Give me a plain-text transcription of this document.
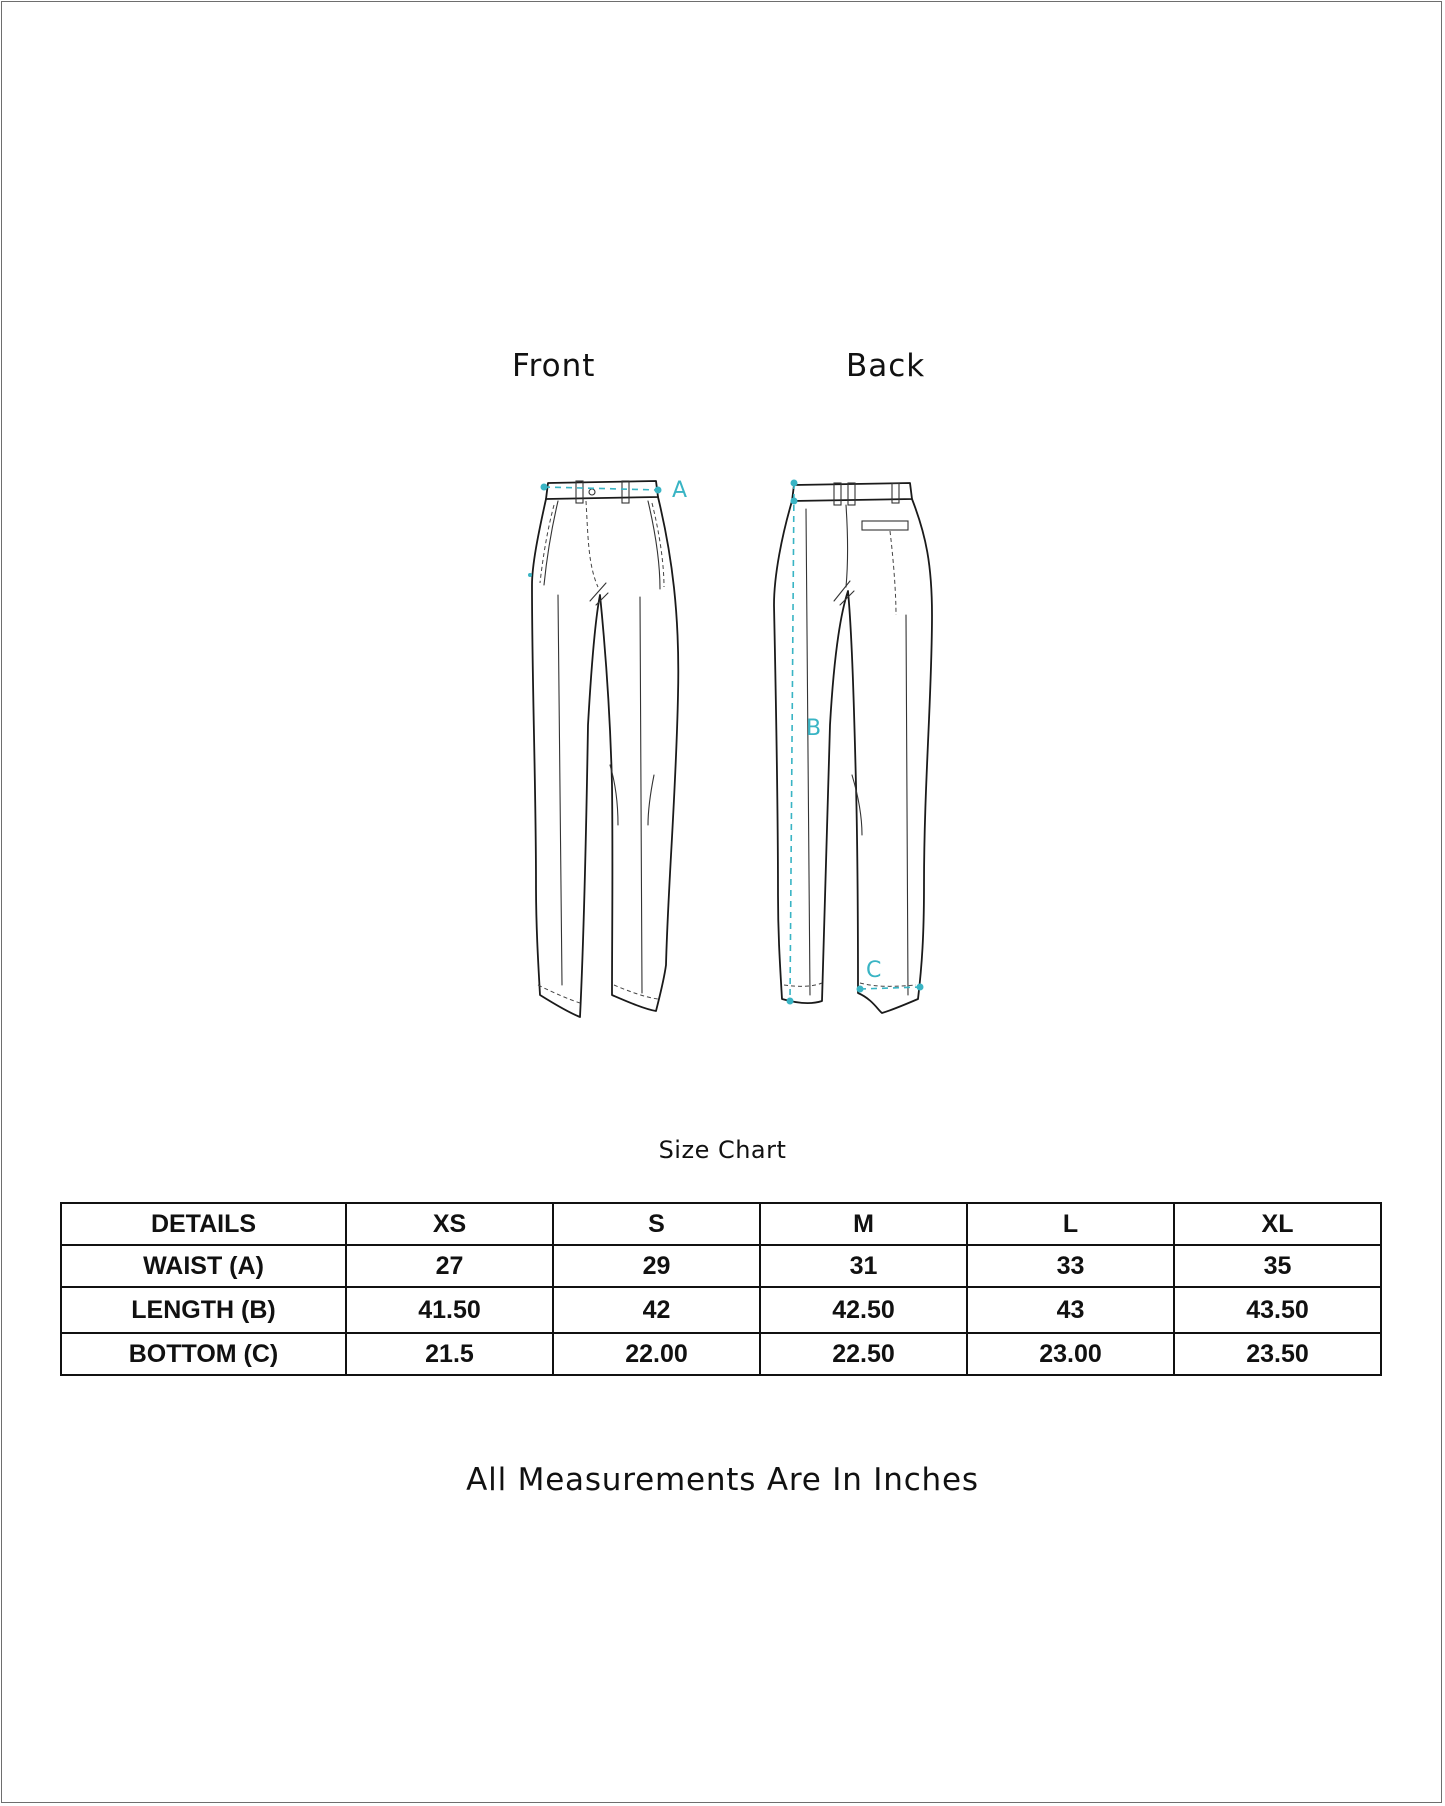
Front	Back
A
B
C
Size Chart
DETAILS	XS	S	M	L	XL
WAIST (A)	27	29	31	33	35
LENGTH (B)	41.50	42	42.50	43	43.50
BOTTOM (C)	21.5	22.00	22.50	23.00	23.50
All Measurements Are In Inches
